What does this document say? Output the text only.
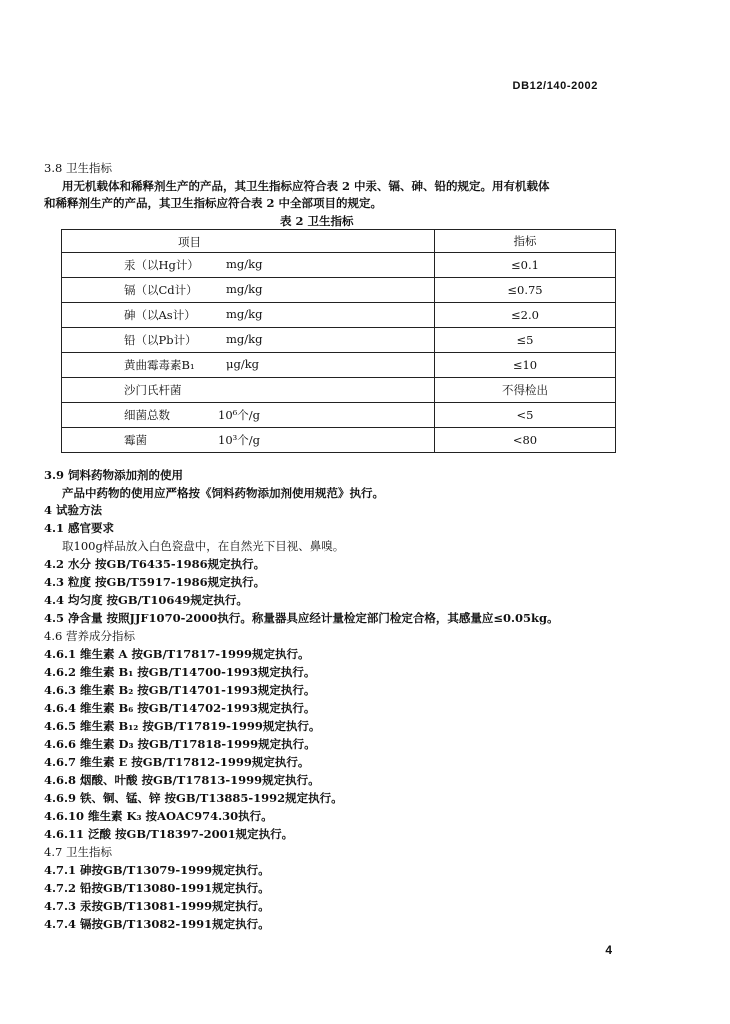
DB12/140-2002
3.8 卫生指标
用无机载体和稀释剂生产的产品，其卫生指标应符合表 2 中汞、镉、砷、铅的规定。用有机载体
和稀释剂生产的产品，其卫生指标应符合表 2 中全部项目的规定。
表 2 卫生指标
项目	指标

汞（以Hg计） mg/kg	≤0.1

镉（以Cd计） mg/kg	≤0.75

砷（以As计） mg/kg	≤2.0

铅（以Pb计） mg/kg	≤5

黄曲霉毒素B₁ μg/kg	≤10

沙门氏杆菌	不得检出

细菌总数 10⁶个/g	<5

霉菌 10³个/g	<80
3.9 饲料药物添加剂的使用
产品中药物的使用应严格按《饲料药物添加剂使用规范》执行。
4 试验方法
4.1 感官要求
取100g样品放入白色瓷盘中，在自然光下目视、鼻嗅。
4.2 水分 按GB/T6435-1986规定执行。
4.3 粒度 按GB/T5917-1986规定执行。
4.4 均匀度 按GB/T10649规定执行。
4.5 净含量 按照JJF1070-2000执行。称量器具应经计量检定部门检定合格，其感量应≤0.05kg。
4.6 营养成分指标
4.6.1 维生素 A 按GB/T17817-1999规定执行。
4.6.2 维生素 B₁ 按GB/T14700-1993规定执行。
4.6.3 维生素 B₂ 按GB/T14701-1993规定执行。
4.6.4 维生素 B₆ 按GB/T14702-1993规定执行。
4.6.5 维生素 B₁₂ 按GB/T17819-1999规定执行。
4.6.6 维生素 D₃ 按GB/T17818-1999规定执行。
4.6.7 维生素 E 按GB/T17812-1999规定执行。
4.6.8 烟酸、叶酸 按GB/T17813-1999规定执行。
4.6.9 铁、铜、锰、锌 按GB/T13885-1992规定执行。
4.6.10 维生素 K₃ 按AOAC974.30执行。
4.6.11 泛酸 按GB/T18397-2001规定执行。
4.7 卫生指标
4.7.1 砷按GB/T13079-1999规定执行。
4.7.2 铅按GB/T13080-1991规定执行。
4.7.3 汞按GB/T13081-1999规定执行。
4.7.4 镉按GB/T13082-1991规定执行。
4
